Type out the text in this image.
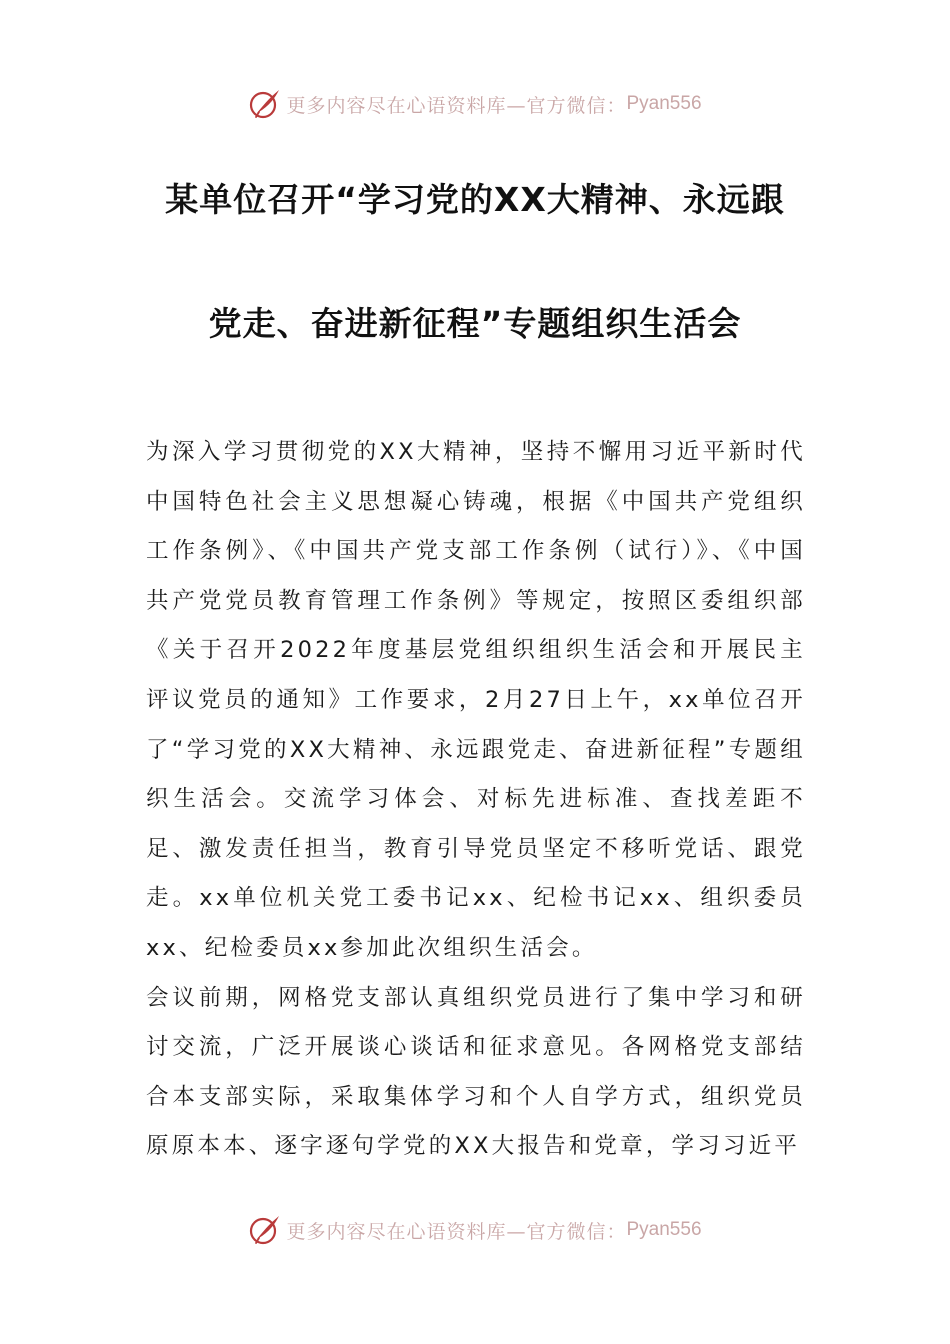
更多内容尽在心语资料库—官方微信： Pyan556
某单位召开“学习党的XX大精神、永远跟
党走、奋进新征程”专题组织生活会

为深入学习贯彻党的XX大精神，坚持不懈用习近平新时代中国特色社会主义思想凝心铸魂，根据《中国共产党组织工作条例》、《中国共产党支部工作条例（试行）》、《中国共产党党员教育管理工作条例》等规定，按照区委组织部《关于召开2022年度基层党组织组织生活会和开展民主评议党员的通知》工作要求，2月27日上午，xx单位召开了“学习党的XX大精神、永远跟党走、奋进新征程”专题组织生活会。交流学习体会、对标先进标准、查找差距不足、激发责任担当，教育引导党员坚定不移听党话、跟党走。xx单位机关党工委书记xx、纪检书记xx、组织委员xx、纪检委员xx参加此次组织生活会。

会议前期，网格党支部认真组织党员进行了集中学习和研讨交流，广泛开展谈心谈话和征求意见。各网格党支部结合本支部实际，采取集体学习和个人自学方式，组织党员原原本本、逐字逐句学党的XX大报告和党章，学习习近平

更多内容尽在心语资料库—官方微信： Pyan556
